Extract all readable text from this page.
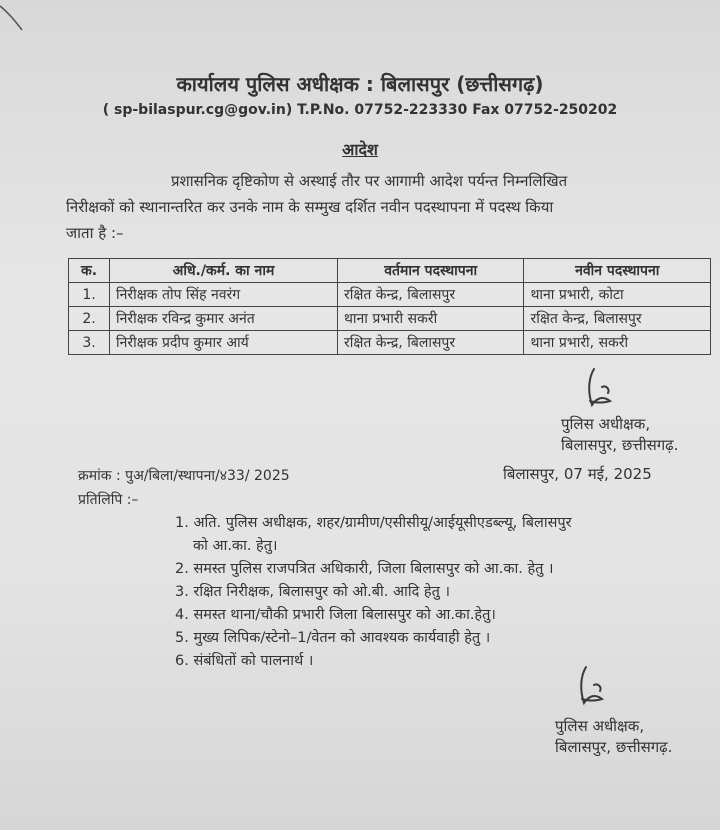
कार्यालय पुलिस अधीक्षक : बिलासपुर (छत्तीसगढ़)
( sp-bilaspur.cg@gov.in) T.P.No. 07752-223330 Fax 07752-250202
आदेश
प्रशासनिक दृष्टिकोण से अस्थाई तौर पर आगामी आदेश पर्यन्त निम्नलिखित
निरीक्षकों को स्थानान्तरित कर उनके नाम के सम्मुख दर्शित नवीन पदस्थापना में पदस्थ किया
जाता है :–
क.	अधि./कर्म. का नाम	वर्तमान पदस्थापना	नवीन पदस्थापना
1.	निरीक्षक तोप सिंह नवरंग	रक्षित केन्द्र, बिलासपुर	थाना प्रभारी, कोटा
2.	निरीक्षक रविन्द्र कुमार अनंत	थाना प्रभारी सकरी	रक्षित केन्द्र, बिलासपुर
3.	निरीक्षक प्रदीप कुमार आर्य	रक्षित केन्द्र, बिलासपुर	थाना प्रभारी, सकरी
पुलिस अधीक्षक,
बिलासपुर, छत्तीसगढ़.
क्रमांक : पुअ/बिला/स्थापना/४33/ 2025	बिलासपुर, 07 मई, 2025
प्रतिलिपि :–
1. अति. पुलिस अधीक्षक, शहर/ग्रामीण/एसीसीयू/आईयूसीएडब्ल्यू, बिलासपुर
को आ.का. हेतु।
2. समस्त पुलिस राजपत्रित अधिकारी, जिला बिलासपुर को आ.का. हेतु ।
3. रक्षित निरीक्षक, बिलासपुर को ओ.बी. आदि हेतु ।
4. समस्त थाना/चौकी प्रभारी जिला बिलासपुर को आ.का.हेतु।
5. मुख्य लिपिक/स्टेनो–1/वेतन को आवश्यक कार्यवाही हेतु ।
6. संबंधितों को पालनार्थ ।
पुलिस अधीक्षक,
बिलासपुर, छत्तीसगढ़.
